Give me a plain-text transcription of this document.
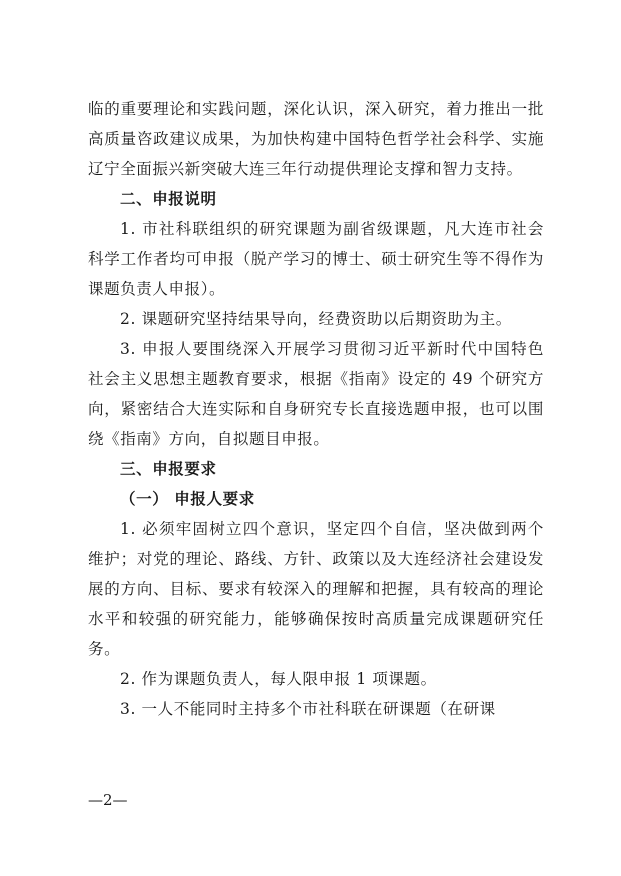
临的重要理论和实践问题，深化认识，深入研究，着力推出一批高质量咨政建议成果，为加快构建中国特色哲学社会科学、实施辽宁全面振兴新突破大连三年行动提供理论支撑和智力支持。

二、申报说明

1. 市社科联组织的研究课题为副省级课题，凡大连市社会科学工作者均可申报（脱产学习的博士、硕士研究生等不得作为课题负责人申报）。

2. 课题研究坚持结果导向，经费资助以后期资助为主。

3. 申报人要围绕深入开展学习贯彻习近平新时代中国特色社会主义思想主题教育要求，根据《指南》设定的 49 个研究方向，紧密结合大连实际和自身研究专长直接选题申报，也可以围绕《指南》方向，自拟题目申报。

三、申报要求

（一） 申报人要求

1. 必须牢固树立四个意识，坚定四个自信，坚决做到两个维护；对党的理论、路线、方针、政策以及大连经济社会建设发展的方向、目标、要求有较深入的理解和把握，具有较高的理论水平和较强的研究能力，能够确保按时高质量完成课题研究任务。

2. 作为课题负责人，每人限申报 1 项课题。

3. 一人不能同时主持多个市社科联在研课题（在研课

—2—
